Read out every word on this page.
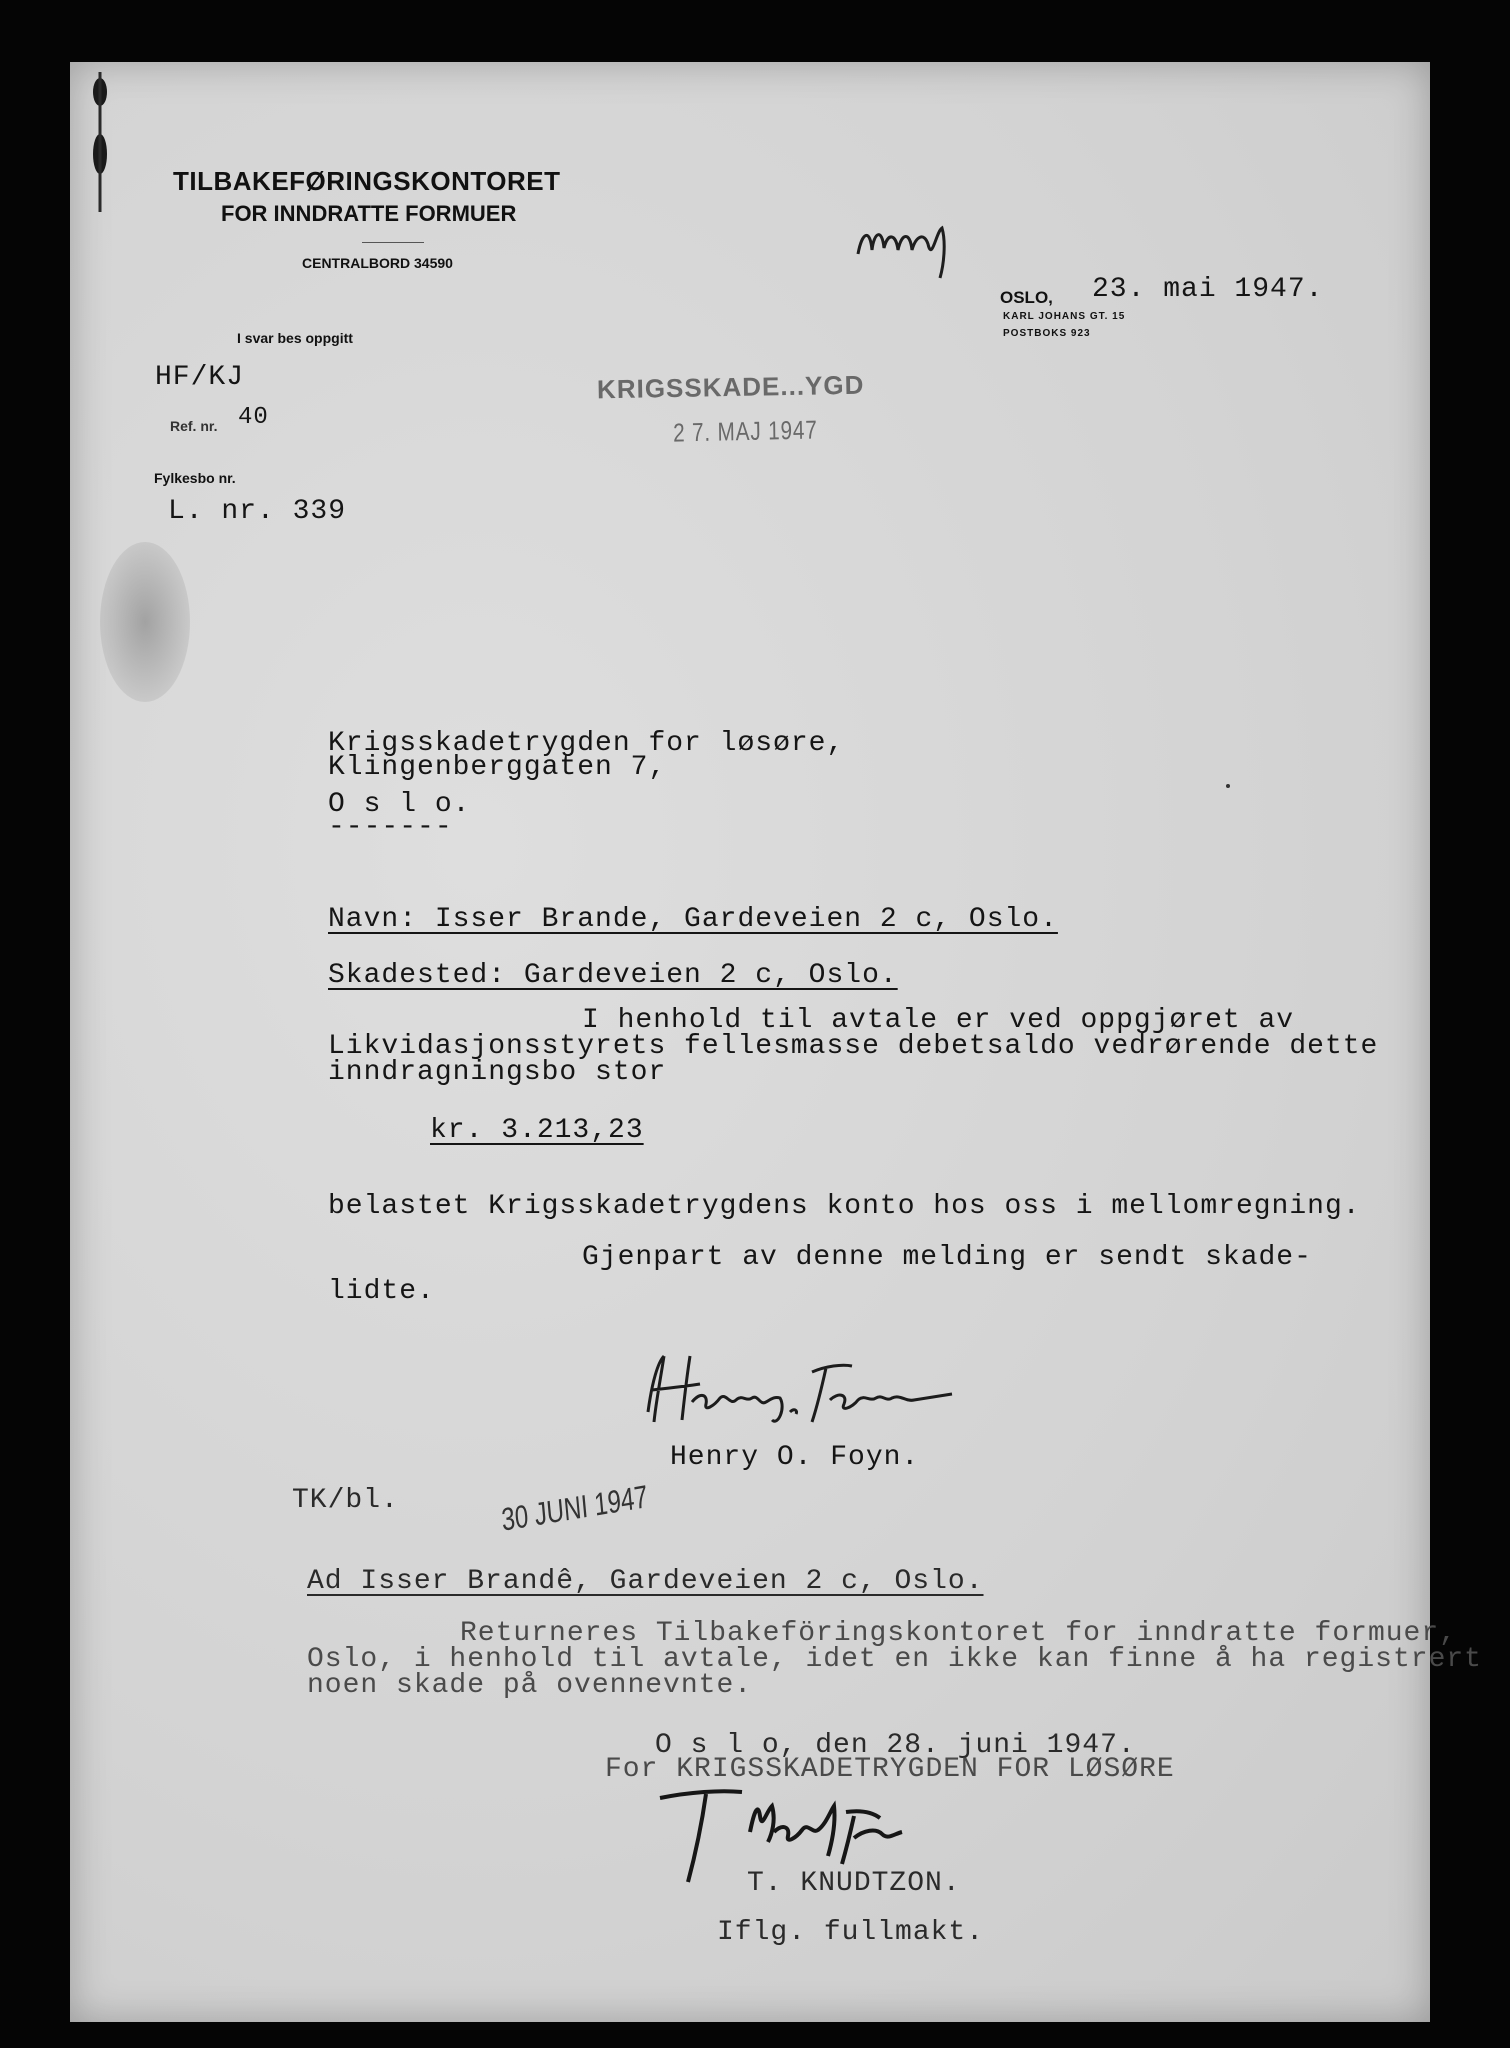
TILBAKEFØRINGSKONTORET
FOR INNDRATTE FORMUER
CENTRALBORD 34590
I svar bes oppgitt
OSLO, 23. mai 1947.
KARL JOHANS GT. 15
POSTBOKS 923
HF/KJ
Ref. nr. 40
Fylkesbo nr.
L. nr. 339
KRIGSSKADE...YGD
2 7. MAJ 1947
Krigsskadetrygden for løsøre,
Klingenberggaten 7,
O s l o.
-------
Navn: Isser Brande, Gardeveien 2 c, Oslo.
Skadested: Gardeveien 2 c, Oslo.
I henhold til avtale er ved oppgjøret av
Likvidasjonsstyrets fellesmasse debetsaldo vedrørende dette
inndragningsbo stor
kr. 3.213,23
belastet Krigsskadetrygdens konto hos oss i mellomregning.
Gjenpart av denne melding er sendt skade-
lidte.
Henry O. Foyn.
TK/bl.	30 JUNI 1947
Ad Isser Brandê, Gardeveien 2 c, Oslo.
Returneres Tilbakeföringskontoret for inndratte formuer,
Oslo, i henhold til avtale, idet en ikke kan finne å ha registrert
noen skade på ovennevnte.
O s l o, den 28. juni 1947.
For KRIGSSKADETRYGDEN FOR LØSØRE
T. KNUDTZON.
Iflg. fullmakt.
